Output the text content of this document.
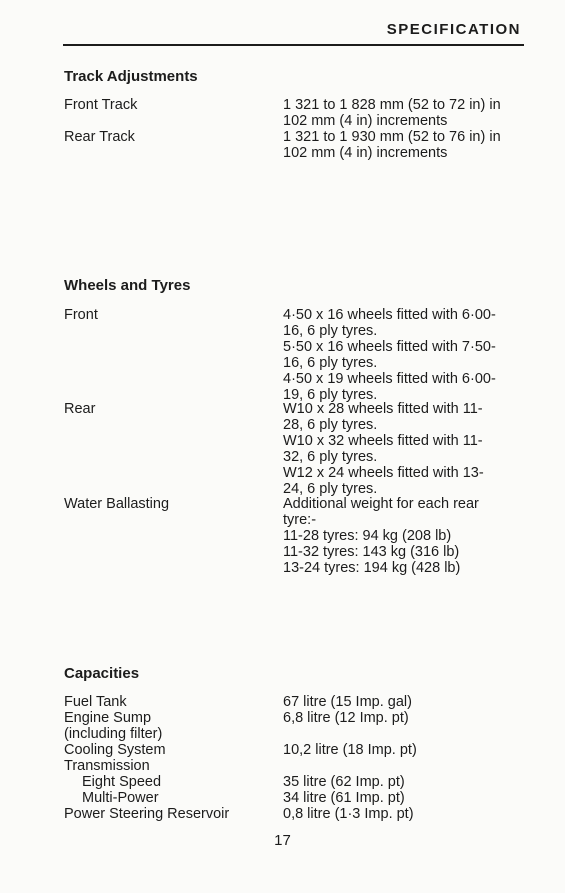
SPECIFICATION
Track Adjustments
Front Track	1 321 to 1 828 mm (52 to 72 in) in
102 mm (4 in) increments
Rear Track	1 321 to 1 930 mm (52 to 76 in) in
102 mm (4 in) increments
Wheels and Tyres
Front	4·50 x 16 wheels fitted with 6·00-
16, 6 ply tyres.
5·50 x 16 wheels fitted with 7·50-
16, 6 ply tyres.
4·50 x 19 wheels fitted with 6·00-
19, 6 ply tyres.
Rear	W10 x 28 wheels fitted with 11-
28, 6 ply tyres.
W10 x 32 wheels fitted with 11-
32, 6 ply tyres.
W12 x 24 wheels fitted with 13-
24, 6 ply tyres.
Water Ballasting	Additional weight for each rear
tyre:-
11-28 tyres: 94 kg (208 lb)
11-32 tyres: 143 kg (316 lb)
13-24 tyres: 194 kg (428 lb)
Capacities
Fuel Tank	67 litre (15 Imp. gal)
Engine Sump	6,8 litre (12 Imp. pt)
(including filter)
Cooling System	10,2 litre (18 Imp. pt)
Transmission
Eight Speed	35 litre (62 Imp. pt)
Multi-Power	34 litre (61 Imp. pt)
Power Steering Reservoir	0,8 litre (1·3 Imp. pt)
17
